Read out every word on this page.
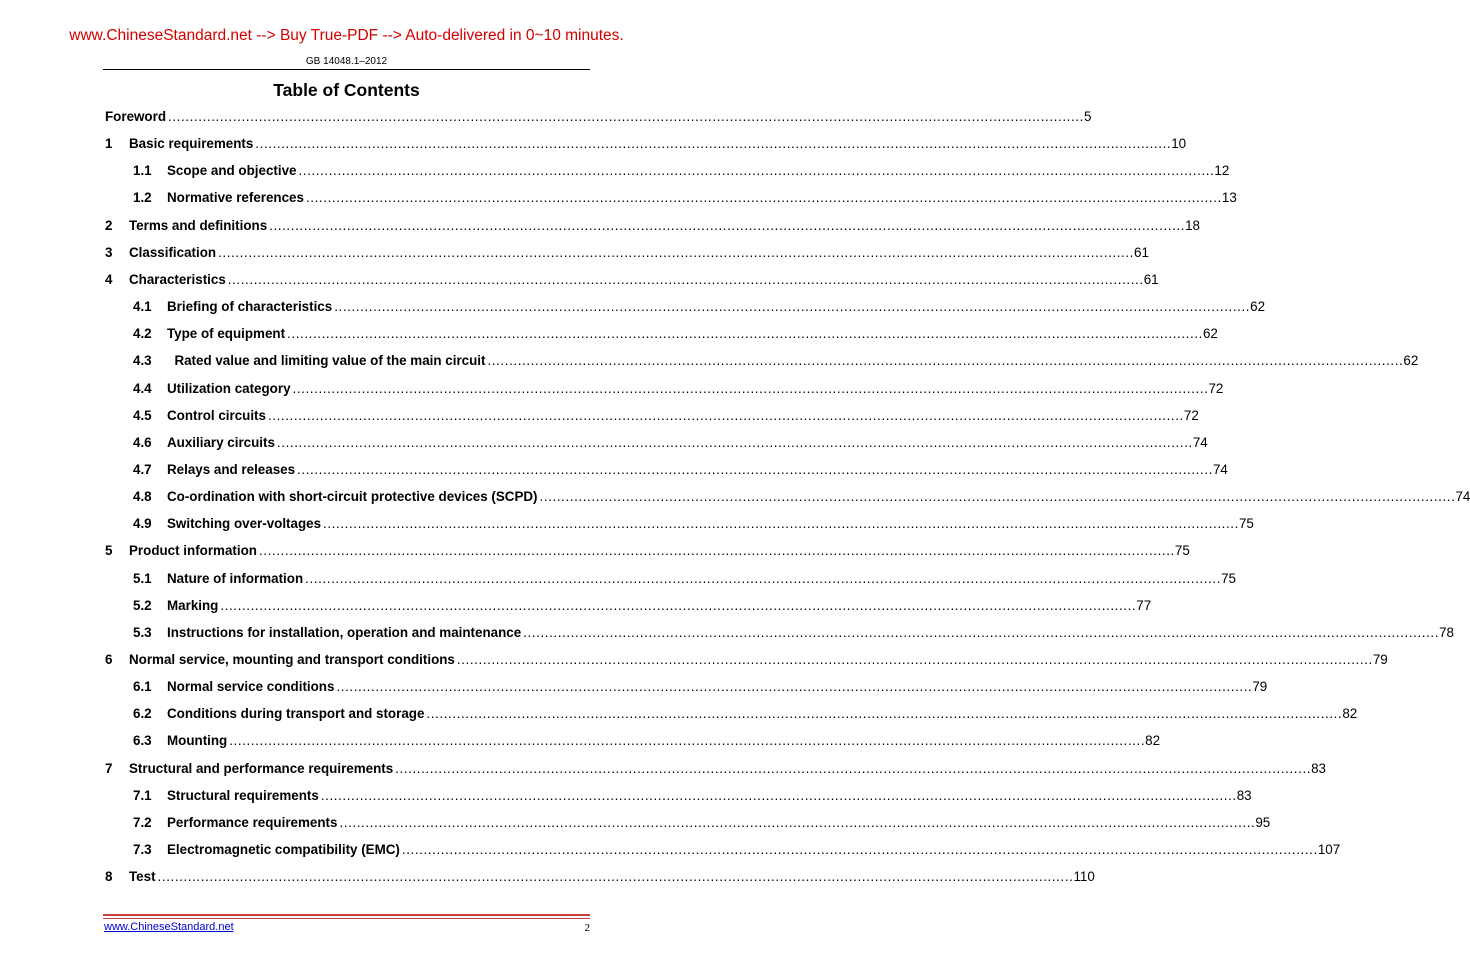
www.ChineseStandard.net --> Buy True-PDF --> Auto-delivered in 0~10 minutes.
GB 14048.1–2012
Table of Contents
Foreword .....	5
1	Basic requirements .....	10
1.1	Scope and objective .....	12
1.2	Normative references .....	13
2	Terms and definitions .....	18
3	Classification .....	61
4	Characteristics .....	61
4.1	Briefing of characteristics .....	62
4.2	Type of equipment .....	62
4.3	Rated value and limiting value of the main circuit .....	62
4.4	Utilization category .....	72
4.5	Control circuits .....	72
4.6	Auxiliary circuits .....	74
4.7	Relays and releases .....	74
4.8	Co-ordination with short-circuit protective devices (SCPD) .....	74
4.9	Switching over-voltages .....	75
5	Product information .....	75
5.1	Nature of information .....	75
5.2	Marking .....	77
5.3	Instructions for installation, operation and maintenance .....	78
6	Normal service, mounting and transport conditions .....	79
6.1	Normal service conditions .....	79
6.2	Conditions during transport and storage .....	82
6.3	Mounting .....	82
7	Structural and performance requirements .....	83
7.1	Structural requirements .....	83
7.2	Performance requirements .....	95
7.3	Electromagnetic compatibility (EMC) .....	107
8	Test .....	110
www.ChineseStandard.net	2
